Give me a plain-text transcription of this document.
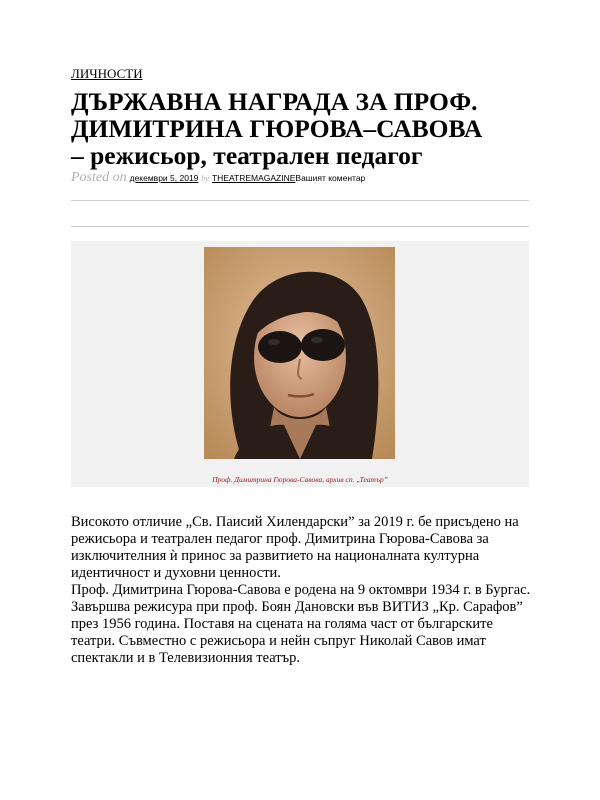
ЛИЧНОСТИ
ДЪРЖАВНА НАГРАДА ЗА ПРОФ.
ДИМИТРИНА ГЮРОВА–САВОВА
– режисьор, театрален педагог
Posted on декември 5, 2019 by THEATREMAGAZINEВашият коментар
Проф. Димитрина Гюрова-Савова, архив сп. „Театър”

Високото отличие „Св. Паисий Хилендарски” за 2019 г. бе присъдено на режисьора и театрален педагог проф. Димитрина Гюрова-Савова за изключителния ѝ принос за развитието на националната културна идентичност и духовни ценности.

Проф. Димитрина Гюрова-Савова е родена на 9 октомври 1934 г. в Бургас. Завършва режисура при проф. Боян Дановски във ВИТИЗ „Кр. Сарафов” през 1956 година. Поставя на сцената на голяма част от българските театри. Съвместно с режисьора и нейн съпруг Николай Савов имат спектакли и в Телевизионния театър.
